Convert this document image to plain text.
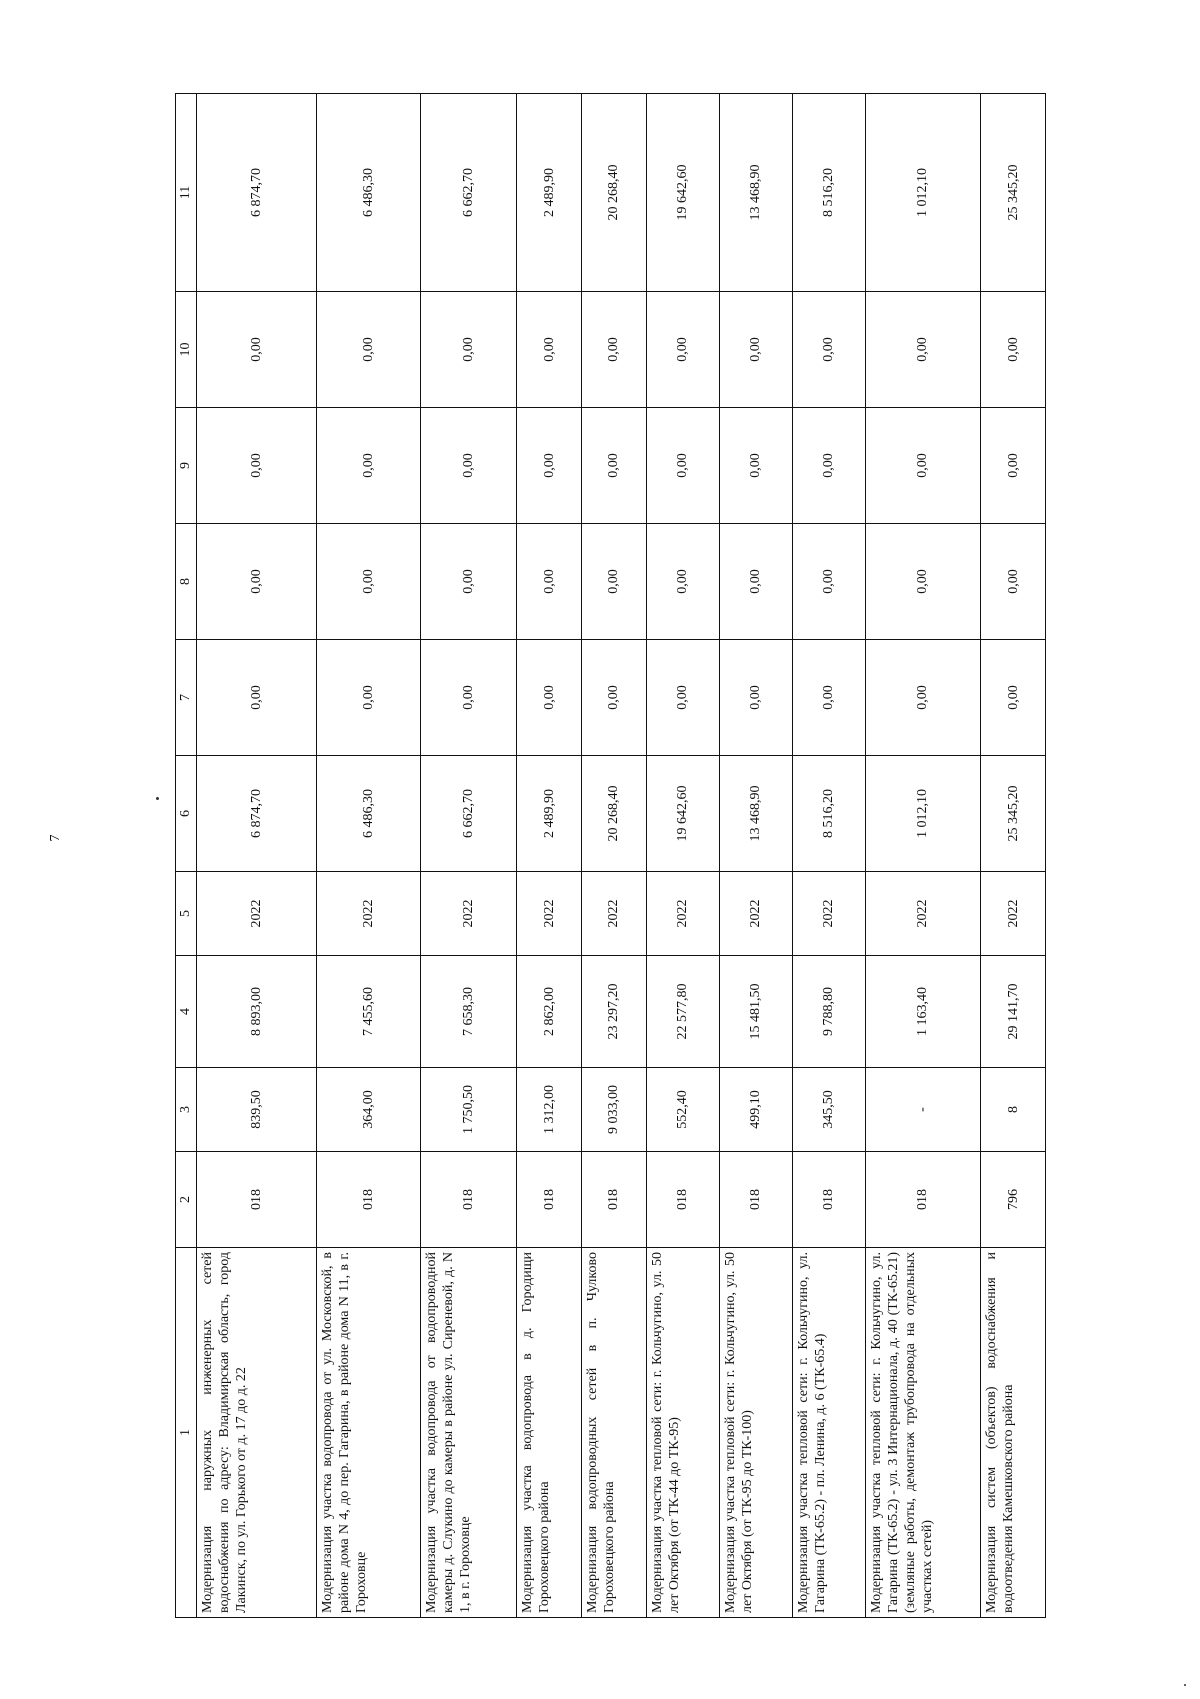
7
1	2	3	4	5	6	7	8	9	10	11
Модернизация наружных инженерных сетей водоснабжения по адресу: Владимирская область, город Лакинск, по ул. Горького от д. 17 до д. 22	018	839,50	8 893,00	2022	6 874,70	0,00	0,00	0,00	0,00	6 874,70
Модернизация участка водопровода от ул. Московской, в районе дома N 4, до пер. Гагарина, в районе дома N 11, в г. Гороховце	018	364,00	7 455,60	2022	6 486,30	0,00	0,00	0,00	0,00	6 486,30
Модернизация участка водопровода от водопроводной камеры д. Слукино до камеры в районе ул. Сиреневой, д. N 1, в г. Гороховце	018	1 750,50	7 658,30	2022	6 662,70	0,00	0,00	0,00	0,00	6 662,70
Модернизация участка водопровода в д. Городищи Гороховецкого района	018	1 312,00	2 862,00	2022	2 489,90	0,00	0,00	0,00	0,00	2 489,90
Модернизация водопроводных сетей в п. Чулково Гороховецкого района	018	9 033,00	23 297,20	2022	20 268,40	0,00	0,00	0,00	0,00	20 268,40
Модернизация участка тепловой сети: г. Кольчугино, ул. 50 лет Октября (от ТК-44 до ТК-95)	018	552,40	22 577,80	2022	19 642,60	0,00	0,00	0,00	0,00	19 642,60
Модернизация участка тепловой сети: г. Кольчугино, ул. 50 лет Октября (от ТК-95 до ТК-100)	018	499,10	15 481,50	2022	13 468,90	0,00	0,00	0,00	0,00	13 468,90
Модернизация участка тепловой сети: г. Кольчугино, ул. Гагарина (ТК-65.2) - пл. Ленина, д. 6 (ТК-65.4)	018	345,50	9 788,80	2022	8 516,20	0,00	0,00	0,00	0,00	8 516,20
Модернизация участка тепловой сети: г. Кольчугино, ул. Гагарина (ТК-65.2) - ул. 3 Интернационала, д. 40 (ТК-65.21) (земляные работы, демонтаж трубопровода на отдельных участках сетей)	018	-	1 163,40	2022	1 012,10	0,00	0,00	0,00	0,00	1 012,10
Модернизация систем (объектов) водоснабжения и водоотведения Камешковского района	796	8	29 141,70	2022	25 345,20	0,00	0,00	0,00	0,00	25 345,20
